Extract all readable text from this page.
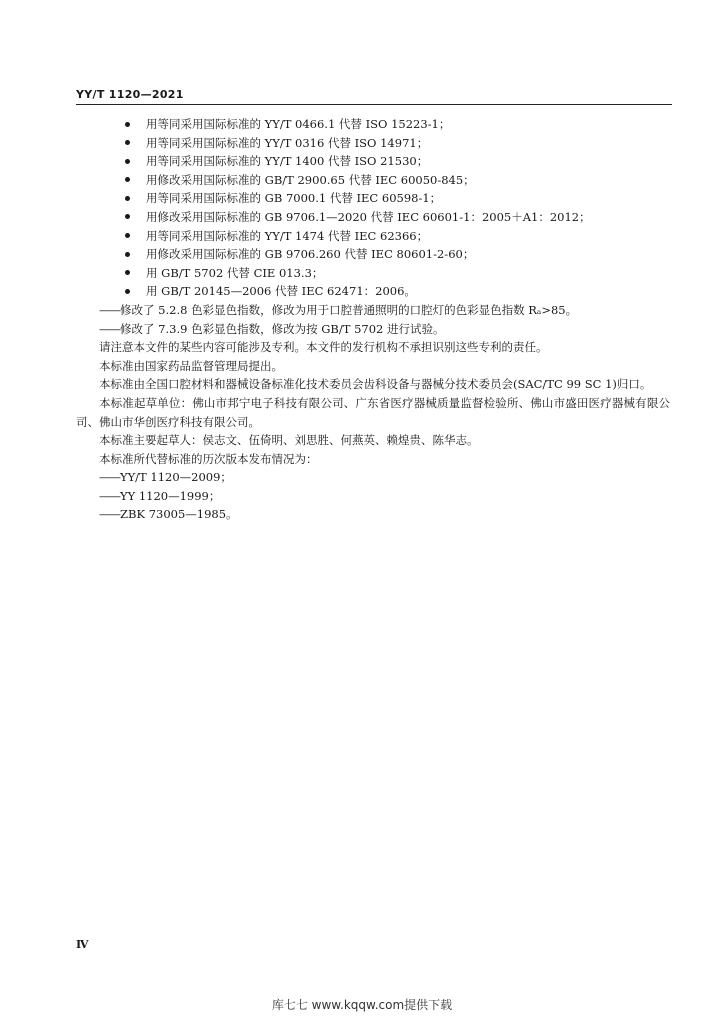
YY/T 1120—2021
用等同采用国际标准的 YY/T 0466.1 代替 ISO 15223-1；
用等同采用国际标准的 YY/T 0316 代替 ISO 14971；
用等同采用国际标准的 YY/T 1400 代替 ISO 21530；
用修改采用国际标准的 GB/T 2900.65 代替 IEC 60050-845；
用等同采用国际标准的 GB 7000.1 代替 IEC 60598-1；
用修改采用国际标准的 GB 9706.1—2020 代替 IEC 60601-1：2005＋A1：2012；
用等同采用国际标准的 YY/T 1474 代替 IEC 62366；
用修改采用国际标准的 GB 9706.260 代替 IEC 80601-2-60；
用 GB/T 5702 代替 CIE 013.3；
用 GB/T 20145—2006 代替 IEC 62471：2006。

——修改了 5.2.8 色彩显色指数，修改为用于口腔普通照明的口腔灯的色彩显色指数 Rₐ>85。

——修改了 7.3.9 色彩显色指数，修改为按 GB/T 5702 进行试验。

请注意本文件的某些内容可能涉及专利。本文件的发行机构不承担识别这些专利的责任。

本标准由国家药品监督管理局提出。

本标准由全国口腔材料和器械设备标准化技术委员会齿科设备与器械分技术委员会(SAC/TC 99 SC 1)归口。

本标准起草单位：佛山市邦宁电子科技有限公司、广东省医疗器械质量监督检验所、佛山市盛田医疗器械有限公司、佛山市华创医疗科技有限公司。

本标准主要起草人：侯志文、伍倚明、刘思胜、何燕英、赖煌贵、陈华志。

本标准所代替标准的历次版本发布情况为：

——YY/T 1120—2009；

——YY 1120—1999；

——ZBK 73005—1985。

Ⅳ
库七七 www.kqqw.com提供下载
